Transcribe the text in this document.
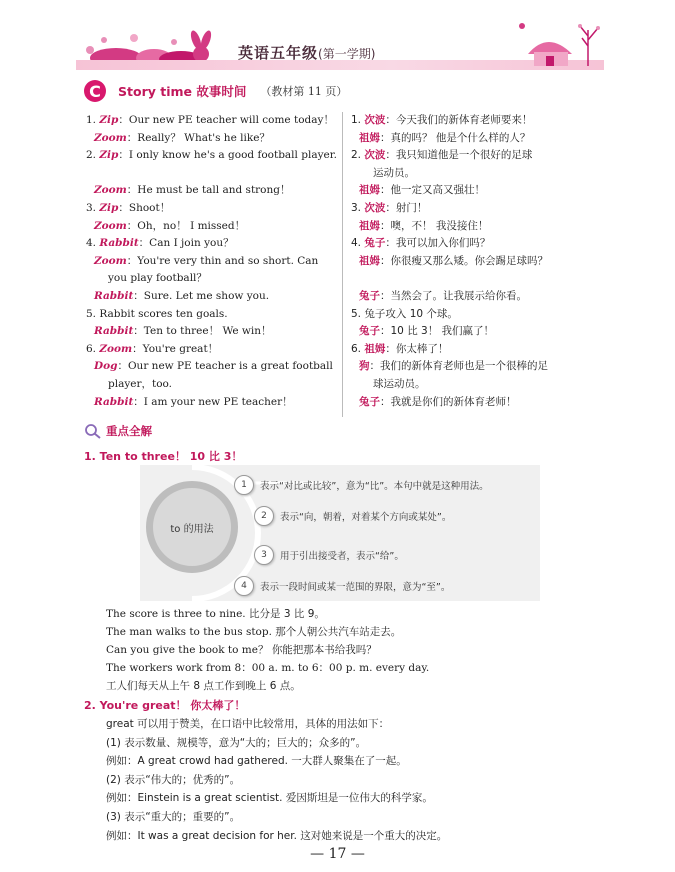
英语五年级(第一学期)
C	Story time 故事时间 （教材第 11 页）
1. Zip：Our new PE teacher will come today！
Zoom：Really？ What's he like？
2. Zip：I only know he's a good football player.

Zoom：He must be tall and strong！
3. Zip：Shoot！
Zoom：Oh，no！ I missed！
4. Rabbit：Can I join you？
Zoom：You're very thin and so short. Can
you play football？
Rabbit：Sure. Let me show you.
5. Rabbit scores ten goals.
Rabbit：Ten to three！ We win！
6. Zoom：You're great！
Dog：Our new PE teacher is a great football
player，too.
Rabbit：I am your new PE teacher！
1. 次波：今天我们的新体育老师要来！
祖姆：真的吗？ 他是个什么样的人？
2. 次波：我只知道他是一个很好的足球
运动员。
祖姆：他一定又高又强壮！
3. 次波：射门！
祖姆：噢，不！ 我没接住！
4. 兔子：我可以加入你们吗？
祖姆：你很瘦又那么矮。你会踢足球吗？

兔子：当然会了。让我展示给你看。
5. 兔子攻入 10 个球。
兔子：10 比 3！ 我们赢了！
6. 祖姆：你太棒了！
狗：我们的新体育老师也是一个很棒的足
球运动员。
兔子：我就是你们的新体育老师！
重点全解
1. Ten to three！ 10 比 3！
to 的用法
1	表示“对比或比较”，意为“比”。本句中就是这种用法。
2	表示“向，朝着，对着某个方向或某处”。
3	用于引出接受者，表示“给”。
4	表示一段时间或某一范围的界限，意为“至”。
The score is three to nine. 比分是 3 比 9。
The man walks to the bus stop. 那个人朝公共汽车站走去。
Can you give the book to me？ 你能把那本书给我吗？
The workers work from 8：00 a. m. to 6：00 p. m. every day.
工人们每天从上午 8 点工作到晚上 6 点。
2. You're great！ 你太棒了！
great 可以用于赞美，在口语中比较常用，具体的用法如下：
(1) 表示数量、规模等，意为“大的；巨大的；众多的”。
例如：A great crowd had gathered. 一大群人聚集在了一起。
(2) 表示“伟大的；优秀的”。
例如：Einstein is a great scientist. 爱因斯坦是一位伟大的科学家。
(3) 表示“重大的；重要的”。
例如：It was a great decision for her. 这对她来说是一个重大的决定。
— 17 —
